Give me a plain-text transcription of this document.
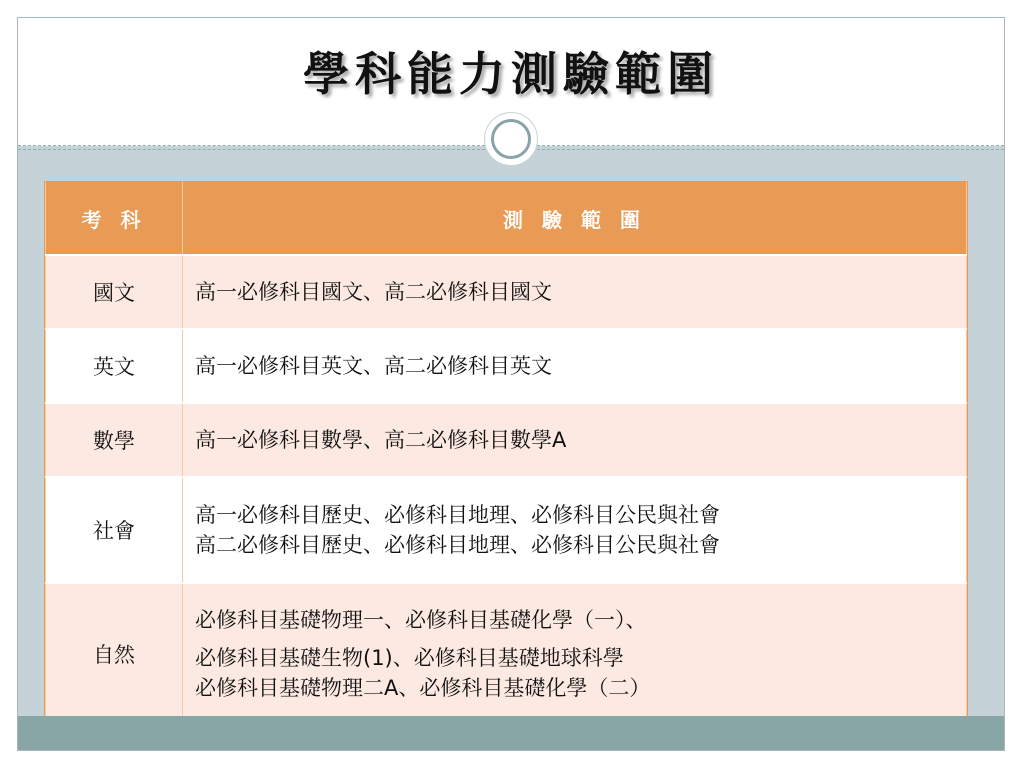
學科能力測驗範圍
考 科	測 驗 範 圍
國文	高一必修科目國文、高二必修科目國文

英文	高一必修科目英文、高二必修科目英文

數學	高一必修科目數學、高二必修科目數學A

社會	高一必修科目歷史、必修科目地理、必修科目公民與社會
高二必修科目歷史、必修科目地理、必修科目公民與社會

自然	必修科目基礎物理一、必修科目基礎化學（一）、
必修科目基礎生物(1)、必修科目基礎地球科學
必修科目基礎物理二A、必修科目基礎化學（二）
